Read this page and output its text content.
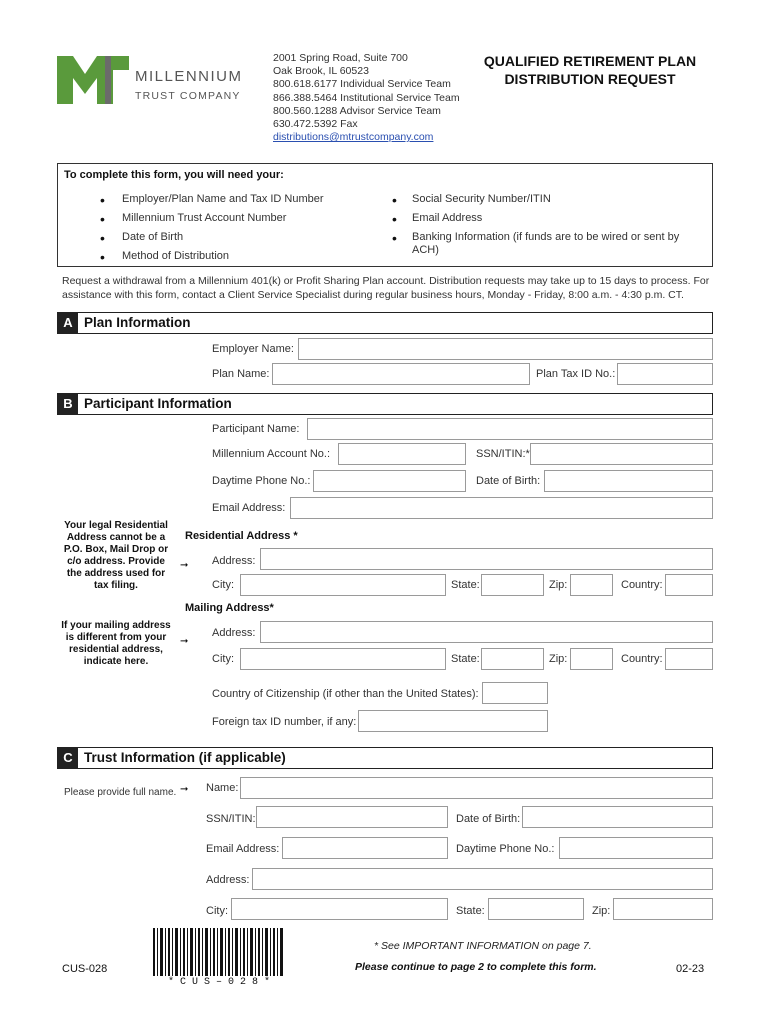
MILLENNIUM
TRUST COMPANY
2001 Spring Road, Suite 700
Oak Brook, IL 60523
800.618.6177 Individual Service Team
866.388.5464 Institutional Service Team
800.560.1288 Advisor Service Team
630.472.5392 Fax
distributions@mtrustcompany.com
QUALIFIED RETIREMENT PLAN
DISTRIBUTION REQUEST
To complete this form, you will need your:
• Employer/Plan Name and Tax ID Number
• Millennium Trust Account Number
• Date of Birth
• Method of Distribution
• Social Security Number/ITIN
• Email Address
• Banking Information (if funds are to be wired or sent by
ACH)
Request a withdrawal from a Millennium 401(k) or Profit Sharing Plan account. Distribution requests may take up to 15 days to process. For
assistance with this form, contact a Client Service Specialist during regular business hours, Monday - Friday, 8:00 a.m. - 4:30 p.m. CT.
A Plan Information
Employer Name:
Plan Name:	Plan Tax ID No.:
B Participant Information
Participant Name:
Millennium Account No.:	SSN/ITIN:*
Daytime Phone No.:	Date of Birth:
Email Address:
Your legal Residential
Address cannot be a
P.O. Box, Mail Drop or
c/o address. Provide
the address used for
tax filing.
➞
Residential Address *
Address:
City:	State:	Zip:	Country:
Mailing Address*
If your mailing address
is different from your
residential address,
indicate here.
➞
Address:
City:	State:	Zip:	Country:
Country of Citizenship (if other than the United States):
Foreign tax ID number, if any:
C Trust Information (if applicable)
Please provide full name. ➞ Name:
SSN/ITIN:	Date of Birth:
Email Address:	Daytime Phone No.:
Address:
City:	State:	Zip:
CUS-028
* C U S – 0 2 8 *
* See IMPORTANT INFORMATION on page 7.
Please continue to page 2 to complete this form.	02-23
